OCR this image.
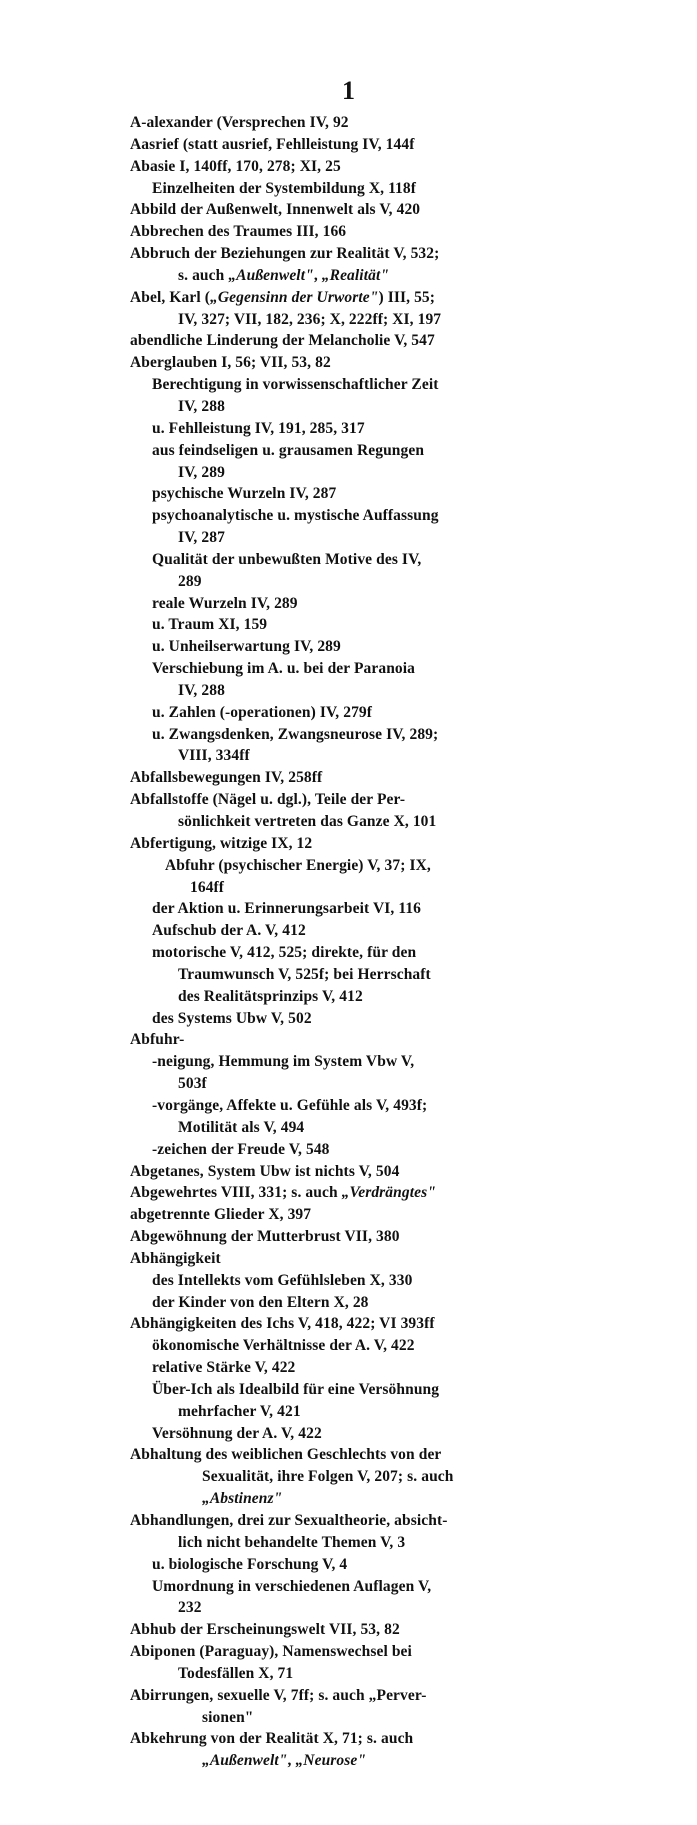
1
A-alexander (Versprechen IV, 92
Aasrief (statt ausrief, Fehlleistung IV, 144f
Abasie I, 140ff, 170, 278; XI, 25
Einzelheiten der Systembildung X, 118f
Abbild der Außenwelt, Innenwelt als V, 420
Abbrechen des Traumes III, 166
Abbruch der Beziehungen zur Realität V, 532;
s. auch „Außenwelt", „Realität"
Abel, Karl („Gegensinn der Urworte") III, 55;
IV, 327; VII, 182, 236; X, 222ff; XI, 197
abendliche Linderung der Melancholie V, 547
Aberglauben I, 56; VII, 53, 82
Berechtigung in vorwissenschaftlicher Zeit
IV, 288
u. Fehlleistung IV, 191, 285, 317
aus feindseligen u. grausamen Regungen
IV, 289
psychische Wurzeln IV, 287
psychoanalytische u. mystische Auffassung
IV, 287
Qualität der unbewußten Motive des IV,
289
reale Wurzeln IV, 289
u. Traum XI, 159
u. Unheilserwartung IV, 289
Verschiebung im A. u. bei der Paranoia
IV, 288
u. Zahlen (-operationen) IV, 279f
u. Zwangsdenken, Zwangsneurose IV, 289;
VIII, 334ff
Abfallsbewegungen IV, 258ff
Abfallstoffe (Nägel u. dgl.), Teile der Per-
sönlichkeit vertreten das Ganze X, 101
Abfertigung, witzige IX, 12
Abfuhr (psychischer Energie) V, 37; IX,
164ff
der Aktion u. Erinnerungsarbeit VI, 116
Aufschub der A. V, 412
motorische V, 412, 525; direkte, für den
Traumwunsch V, 525f; bei Herrschaft
des Realitätsprinzips V, 412
des Systems Ubw V, 502
Abfuhr-
-neigung, Hemmung im System Vbw V,
503f
-vorgänge, Affekte u. Gefühle als V, 493f;
Motilität als V, 494
-zeichen der Freude V, 548
Abgetanes, System Ubw ist nichts V, 504
Abgewehrtes VIII, 331; s. auch „Verdrängtes"
abgetrennte Glieder X, 397
Abgewöhnung der Mutterbrust VII, 380
Abhängigkeit
des Intellekts vom Gefühlsleben X, 330
der Kinder von den Eltern X, 28
Abhängigkeiten des Ichs V, 418, 422; VI 393ff
ökonomische Verhältnisse der A. V, 422
relative Stärke V, 422
Über-Ich als Idealbild für eine Versöhnung
mehrfacher V, 421
Versöhnung der A. V, 422
Abhaltung des weiblichen Geschlechts von der
Sexualität, ihre Folgen V, 207; s. auch
„Abstinenz"
Abhandlungen, drei zur Sexualtheorie, absicht-
lich nicht behandelte Themen V, 3
u. biologische Forschung V, 4
Umordnung in verschiedenen Auflagen V,
232
Abhub der Erscheinungswelt VII, 53, 82
Abiponen (Paraguay), Namenswechsel bei
Todesfällen X, 71
Abirrungen, sexuelle V, 7ff; s. auch „Perver-
sionen"
Abkehrung von der Realität X, 71; s. auch
„Außenwelt", „Neurose"
